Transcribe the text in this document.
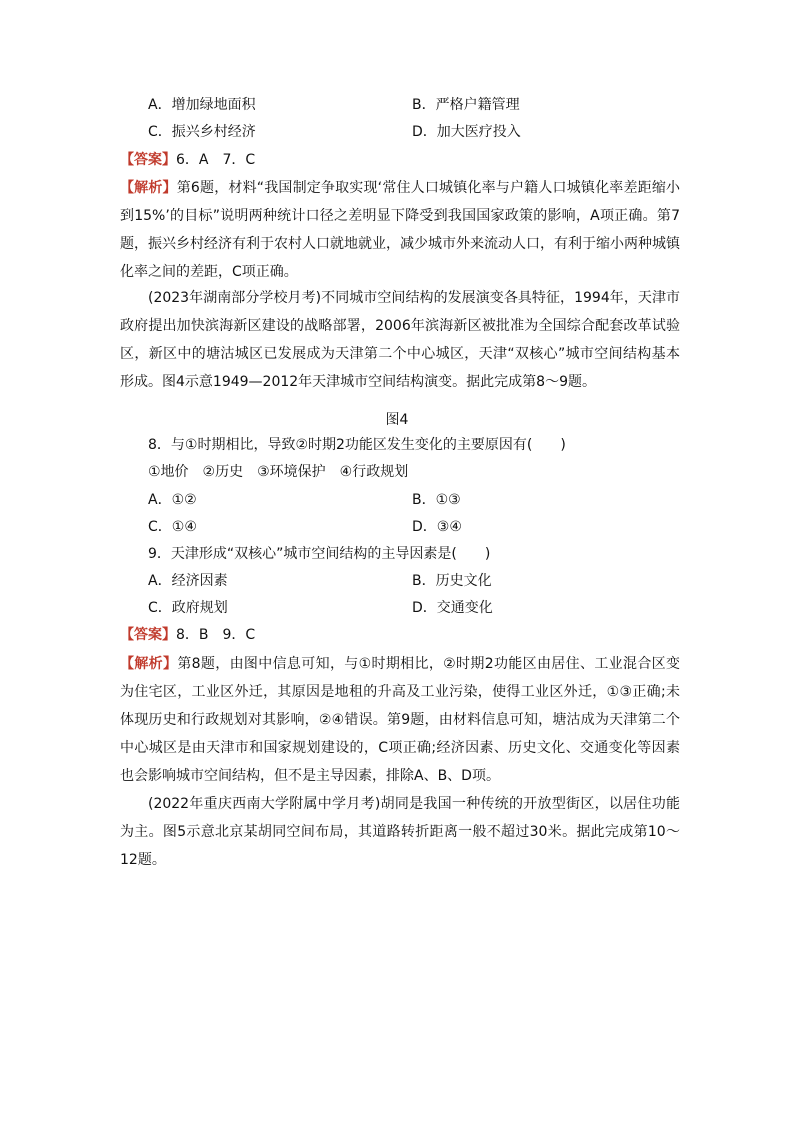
A．增加绿地面积	B．严格户籍管理
C．振兴乡村经济	D．加大医疗投入
【答案】6．A　7．C
【解析】第6题，材料“我国制定争取实现‘常住人口城镇化率与户籍人口城镇化率差距缩小到15%’的目标”说明两种统计口径之差明显下降受到我国国家政策的影响，A项正确。第7题，振兴乡村经济有利于农村人口就地就业，减少城市外来流动人口，有利于缩小两种城镇化率之间的差距，C项正确。
(2023年湖南部分学校月考)不同城市空间结构的发展演变各具特征，1994年，天津市政府提出加快滨海新区建设的战略部署，2006年滨海新区被批准为全国综合配套改革试验区，新区中的塘沽城区已发展成为天津第二个中心城区，天津“双核心”城市空间结构基本形成。图4示意1949—2012年天津城市空间结构演变。据此完成第8～9题。
图4
8．与①时期相比，导致②时期2功能区发生变化的主要原因有(　　)
①地价　②历史　③环境保护　④行政规划
A．①②	B．①③
C．①④	D．③④
9．天津形成“双核心”城市空间结构的主导因素是(　　)
A．经济因素	B．历史文化
C．政府规划	D．交通变化
【答案】8．B　9．C
【解析】第8题，由图中信息可知，与①时期相比，②时期2功能区由居住、工业混合区变为住宅区，工业区外迁，其原因是地租的升高及工业污染，使得工业区外迁，①③正确;未体现历史和行政规划对其影响，②④错误。第9题，由材料信息可知，塘沽成为天津第二个中心城区是由天津市和国家规划建设的，C项正确;经济因素、历史文化、交通变化等因素也会影响城市空间结构，但不是主导因素，排除A、B、D项。
(2022年重庆西南大学附属中学月考)胡同是我国一种传统的开放型街区，以居住功能为主。图5示意北京某胡同空间布局，其道路转折距离一般不超过30米。据此完成第10～12题。
